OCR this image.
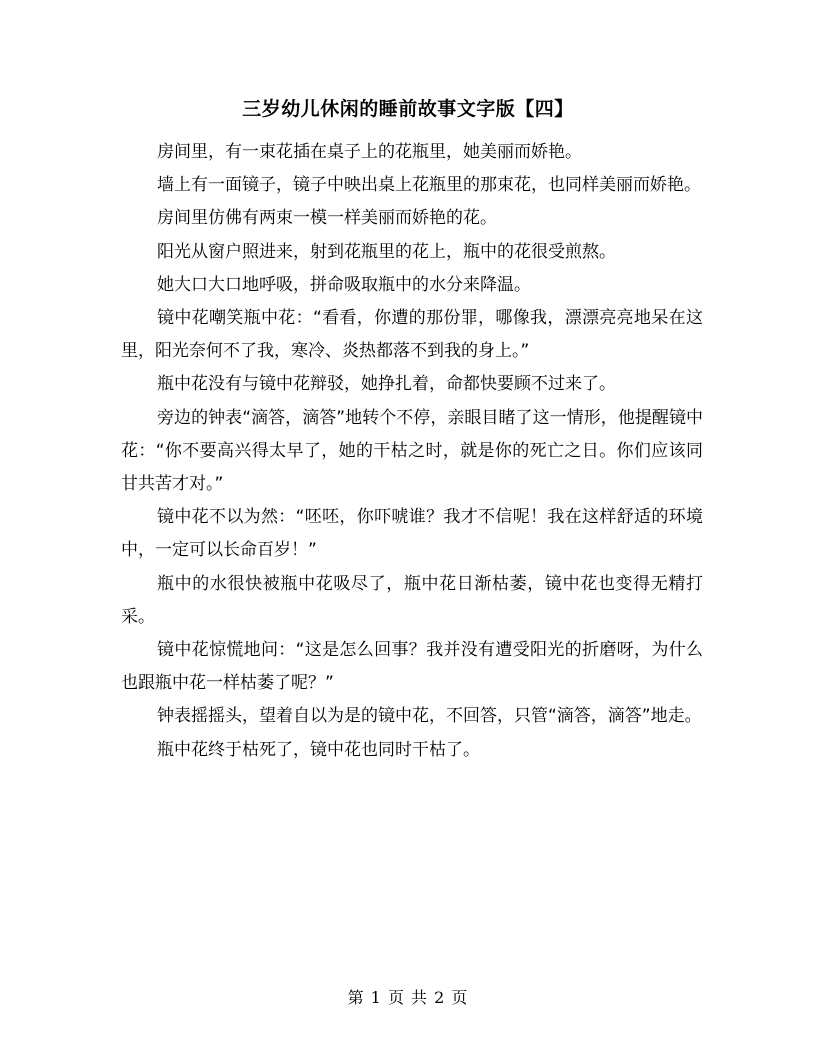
三岁幼儿休闲的睡前故事文字版【四】

房间里，有一束花插在桌子上的花瓶里，她美丽而娇艳。

墙上有一面镜子，镜子中映出桌上花瓶里的那束花，也同样美丽而娇艳。

房间里仿佛有两束一模一样美丽而娇艳的花。

阳光从窗户照进来，射到花瓶里的花上，瓶中的花很受煎熬。

她大口大口地呼吸，拼命吸取瓶中的水分来降温。

镜中花嘲笑瓶中花：“看看，你遭的那份罪，哪像我，漂漂亮亮地呆在这里，阳光奈何不了我，寒冷、炎热都落不到我的身上。”

瓶中花没有与镜中花辩驳，她挣扎着，命都快要顾不过来了。

旁边的钟表“滴答，滴答”地转个不停，亲眼目睹了这一情形，他提醒镜中花：“你不要高兴得太早了，她的干枯之时，就是你的死亡之日。你们应该同甘共苦才对。”

镜中花不以为然：“呸呸，你吓唬谁？我才不信呢！我在这样舒适的环境中，一定可以长命百岁！”

瓶中的水很快被瓶中花吸尽了，瓶中花日渐枯萎，镜中花也变得无精打采。

镜中花惊慌地问：“这是怎么回事？我并没有遭受阳光的折磨呀，为什么也跟瓶中花一样枯萎了呢？”

钟表摇摇头，望着自以为是的镜中花，不回答，只管“滴答，滴答”地走。

瓶中花终于枯死了，镜中花也同时干枯了。

第 1 页 共 2 页
